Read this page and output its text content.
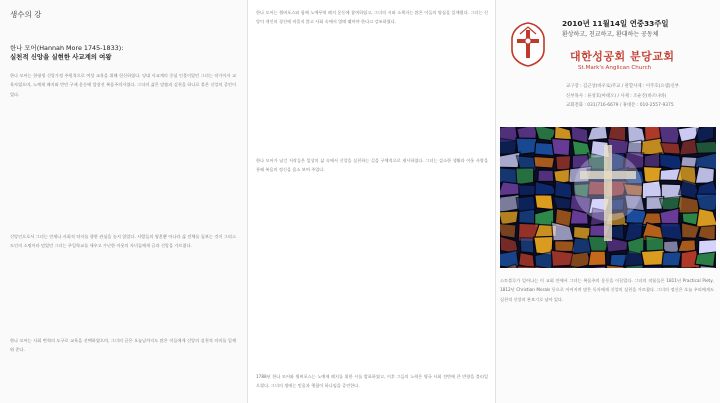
생수의 강
한나 모어(Hannah More 1745-1833):
실천적 신앙을 실현한 사교계의 여왕
한나 모어는 한평생 신앙가정 주원칙으로 여성 교육을 위해 헌신하였다. 당대 사교계의 중심 인물이었던 그녀는 작가이자 교육자였으며, 노예제 폐지와 빈민 구제 운동에 앞장선 복음주의자였다. 그녀의 삶은 말씀과 실천을 하나로 묶은 신앙의 증언이었다.
신앙인으로서 그녀는 언제나 사회적 약자를 향한 관심을 놓지 않았다. 사람들의 영혼뿐 아니라 삶 전체를 돌보는 것이 그리스도인의 소명이라 믿었던 그녀는 주일학교를 세우고 가난한 이웃의 자녀들에게 글과 신앙을 가르쳤다.
한나 모어는 사회 변혁의 도구로 교육을 선택하였으며, 그녀의 글은 오늘날까지도 많은 이들에게 신앙의 실천적 의미를 일깨워 준다.
한나 모어는 윌버포스와 함께 노예무역 폐지 운동에 참여하였고, 그녀의 시와 소책자는 많은 이들의 양심을 일깨웠다. 그녀는 신앙이 개인의 경건에 머물지 않고 사회 속에서 열매 맺어야 한다고 강조하였다.
한나 모어가 남긴 저작들은 일상의 삶 속에서 신앙을 실천하는 길을 구체적으로 제시하였다. 그녀는 검소한 생활과 이웃 사랑을 통해 복음의 정신을 몸소 보여 주었다.
1788년 한나 모어와 윌버포스는 노예제 폐지를 위한 시를 발표하였고, 이후 그들의 노력은 영국 사회 전반에 큰 반향을 불러일으켰다. 그녀의 생애는 믿음과 행함이 하나임을 증언한다.
2010년 11월14일 연중33주일
환상하고, 친교하고, 환대하는 공동체
대한성공회 분당교회
St.Mark's Anglican Church
교구장 : 김근상(바우로)주교 / 관할사제 : 이주호(요셉)신부
신부목사 : 류성호(마태오) / 사제 : 조순진(바르나바)
교회전화 : 031)716-6679 / 휴대폰 : 010-2557-9375
스토블루가 일어나는 이 교회 안에서 그녀는 복음주의 운동을 이끌었다. 그녀의 작품들은 1811년 Practical Piety, 1812년 Christian Morals 등으로 이어지며 많은 독자에게 신앙의 실천을 가르쳤다. 그녀의 정신은 오늘 우리에게도 실천적 신앙의 본보기로 남아 있다.
